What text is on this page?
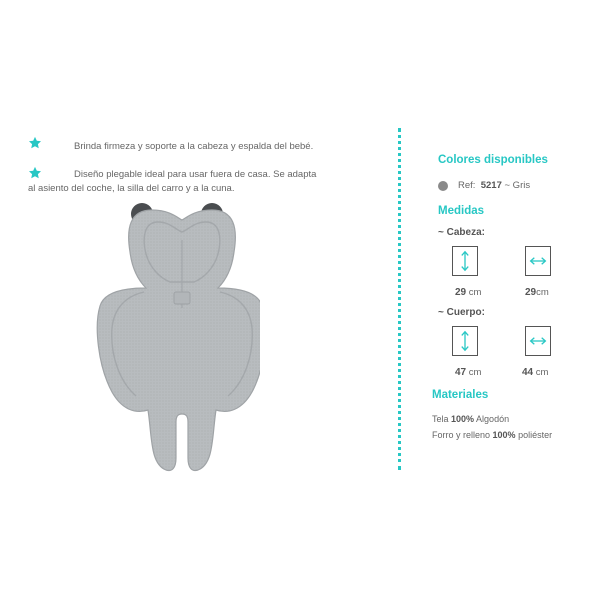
Brinda firmeza y soporte a la cabeza y espalda del bebé.
Diseño plegable ideal para usar fuera de casa. Se adapta
al asiento del coche, la silla del carro y a la cuna.
Colores disponibles
Ref: 5217 ~ Gris
Medidas
~ Cabeza:
29 cm	29cm
~ Cuerpo:
47 cm	44 cm
Materiales
Tela 100% Algodón
Forro y relleno 100% poliéster
